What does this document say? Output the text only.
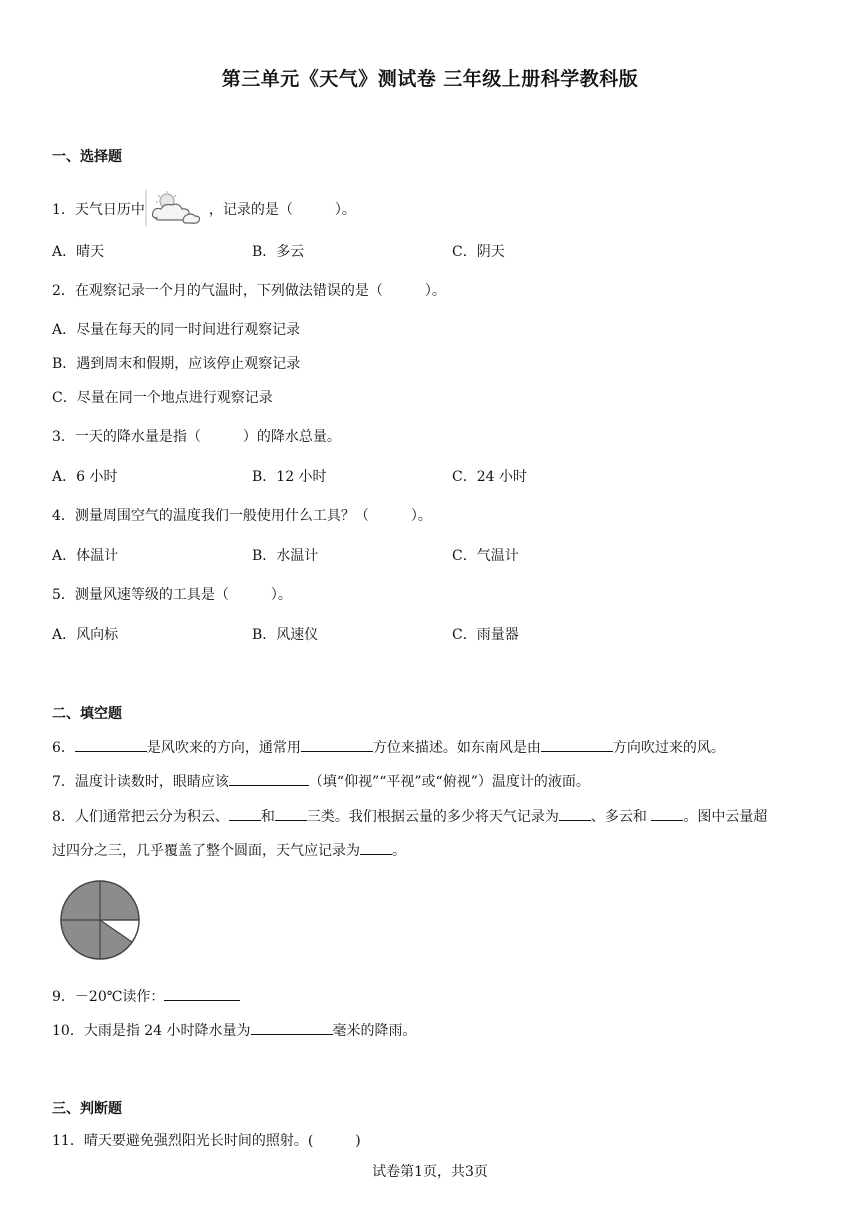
第三单元《天气》测试卷 三年级上册科学教科版
一、选择题
1．天气日历中	，记录的是（　　　）。
A．晴天	B．多云	C．阴天
2．在观察记录一个月的气温时，下列做法错误的是（　　　）。
A．尽量在每天的同一时间进行观察记录
B．遇到周末和假期，应该停止观察记录
C．尽量在同一个地点进行观察记录
3．一天的降水量是指（　　　）的降水总量。
A．6 小时	B．12 小时	C．24 小时
4．测量周围空气的温度我们一般使用什么工具？（　　　）。
A．体温计	B．水温计	C．气温计
5．测量风速等级的工具是（　　　）。
A．风向标	B．风速仪	C．雨量器
二、填空题
6．	是风吹来的方向，通常用	方位来描述。如东南风是由	方向吹过来的风。
7．温度计读数时，眼睛应该	（填“仰视”“平视”或“俯视”）温度计的液面。
8．人们通常把云分为积云、 和 三类。我们根据云量的多少将天气记录为 、多云和	。图中云量超
过四分之三，几乎覆盖了整个圆面，天气应记录为 。
9．－20℃读作：
10．大雨是指 24 小时降水量为	毫米的降雨。
三、判断题
11．晴天要避免强烈阳光长时间的照射。(　　　)
试卷第1页，共3页
